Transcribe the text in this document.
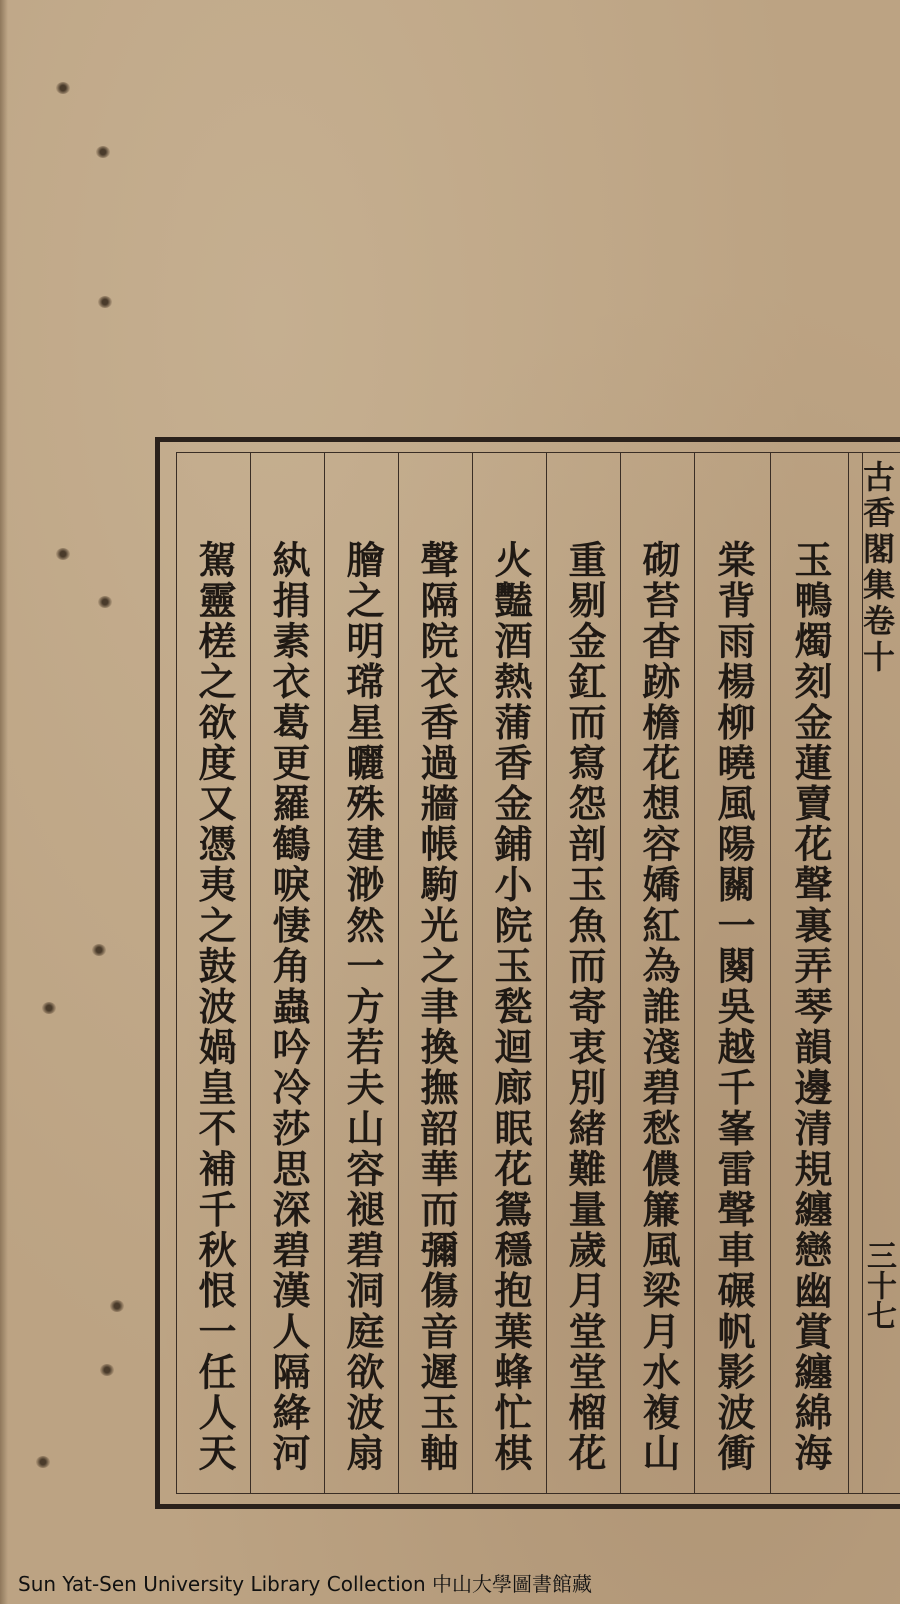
古香閣集卷十
三十七
玉鴨燭刻金蓮賣花聲裏弄琴韻邊清規纏戀幽賞纏綿海
棠背雨楊柳曉風陽關一闋吳越千峯雷聲車碾帆影波衝
砌苔杳跡檐花想容嬌紅為誰淺碧愁儂簾風梁月水複山
重剔金釭而寫怨剖玉魚而寄衷別緒難量歲月堂堂榴花
火豔酒熱蒲香金鋪小院玉甃迴廊眠花鴛穩抱葉蜂忙棋
聲隔院衣香過牆帳駒光之聿換撫韶華而彌傷音遲玉軸
膾之明瑺星曬殊建渺然一方若夫山容褪碧洞庭欲波扇
紈捐素衣葛更羅鶴唳悽角蟲吟冷莎思深碧漢人隔絳河
駕靈槎之欲度又憑夷之鼓波媧皇不補千秋恨一任人天
Sun Yat-Sen University Library Collection 中山大學圖書館藏
